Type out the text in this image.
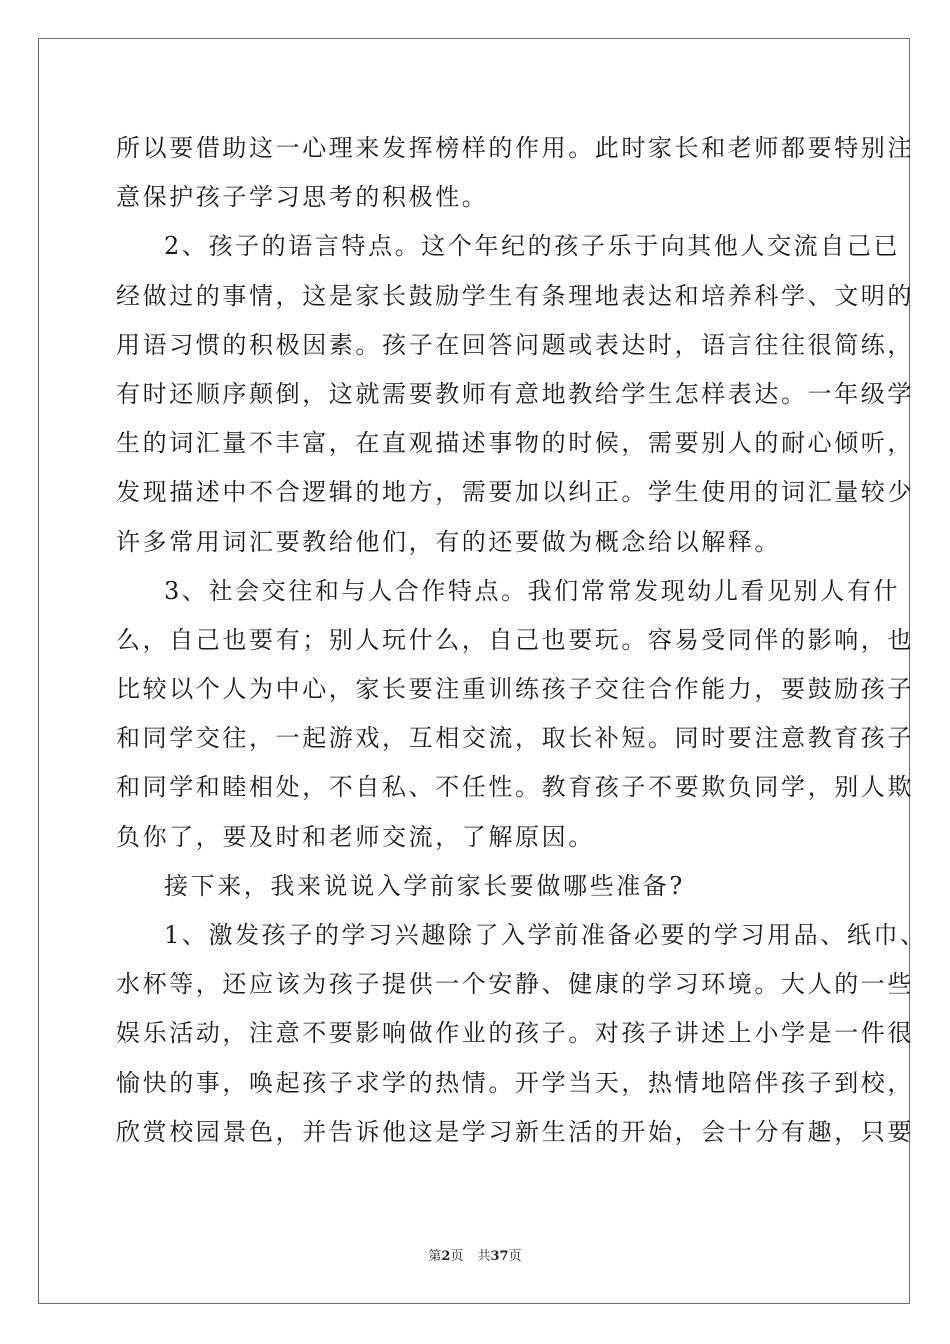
所以要借助这一心理来发挥榜样的作用。此时家长和老师都要特别注
意保护孩子学习思考的积极性。
2、孩子的语言特点。这个年纪的孩子乐于向其他人交流自己已
经做过的事情，这是家长鼓励学生有条理地表达和培养科学、文明的
用语习惯的积极因素。孩子在回答问题或表达时，语言往往很简练，
有时还顺序颠倒，这就需要教师有意地教给学生怎样表达。一年级学
生的词汇量不丰富，在直观描述事物的时候，需要别人的耐心倾听，
发现描述中不合逻辑的地方，需要加以纠正。学生使用的词汇量较少
许多常用词汇要教给他们，有的还要做为概念给以解释。
3、社会交往和与人合作特点。我们常常发现幼儿看见别人有什
么，自己也要有；别人玩什么，自己也要玩。容易受同伴的影响，也
比较以个人为中心，家长要注重训练孩子交往合作能力，要鼓励孩子
和同学交往，一起游戏，互相交流，取长补短。同时要注意教育孩子
和同学和睦相处，不自私、不任性。教育孩子不要欺负同学，别人欺
负你了，要及时和老师交流，了解原因。
接下来，我来说说入学前家长要做哪些准备?
1、激发孩子的学习兴趣除了入学前准备必要的学习用品、纸巾、
水杯等，还应该为孩子提供一个安静、健康的学习环境。大人的一些
娱乐活动，注意不要影响做作业的孩子。对孩子讲述上小学是一件很
愉快的事，唤起孩子求学的热情。开学当天，热情地陪伴孩子到校，
欣赏校园景色，并告诉他这是学习新生活的开始，会十分有趣，只要
第2页 共37页
